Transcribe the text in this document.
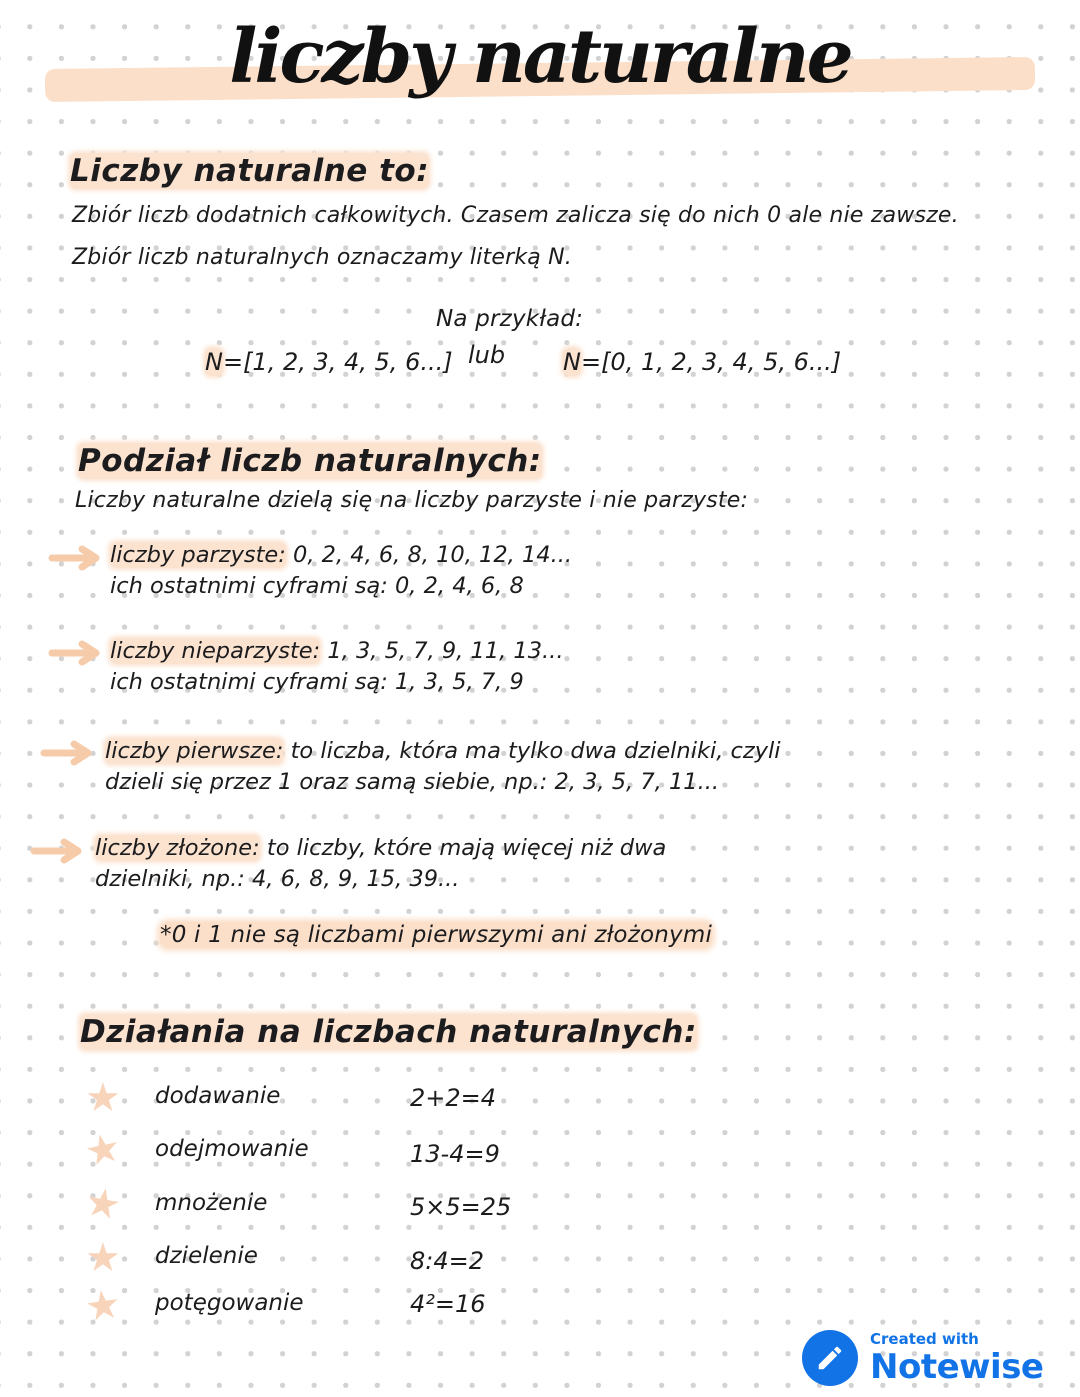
liczby naturalne
Liczby naturalne to:
Zbiór liczb dodatnich całkowitych. Czasem zalicza się do nich 0 ale nie zawsze.
Zbiór liczb naturalnych oznaczamy literką N.
Na przykład:
N=[1, 2, 3, 4, 5, 6...] lub N=[0, 1, 2, 3, 4, 5, 6...]
Podział liczb naturalnych:
Liczby naturalne dzielą się na liczby parzyste i nie parzyste:
liczby parzyste: 0, 2, 4, 6, 8, 10, 12, 14...
ich ostatnimi cyframi są: 0, 2, 4, 6, 8
liczby nieparzyste: 1, 3, 5, 7, 9, 11, 13...
ich ostatnimi cyframi są: 1, 3, 5, 7, 9
liczby pierwsze: to liczba, która ma tylko dwa dzielniki, czyli
dzieli się przez 1 oraz samą siebie, np.: 2, 3, 5, 7, 11...
liczby złożone: to liczby, które mają więcej niż dwa
dzielniki, np.: 4, 6, 8, 9, 15, 39...
*0 i 1 nie są liczbami pierwszymi ani złożonymi
Działania na liczbach naturalnych:
★ dodawanie	2+2=4
★ odejmowanie	13-4=9
★ mnożenie	5×5=25
★ dzielenie	8:4=2
★ potęgowanie	4²=16
Created with
Notewise
